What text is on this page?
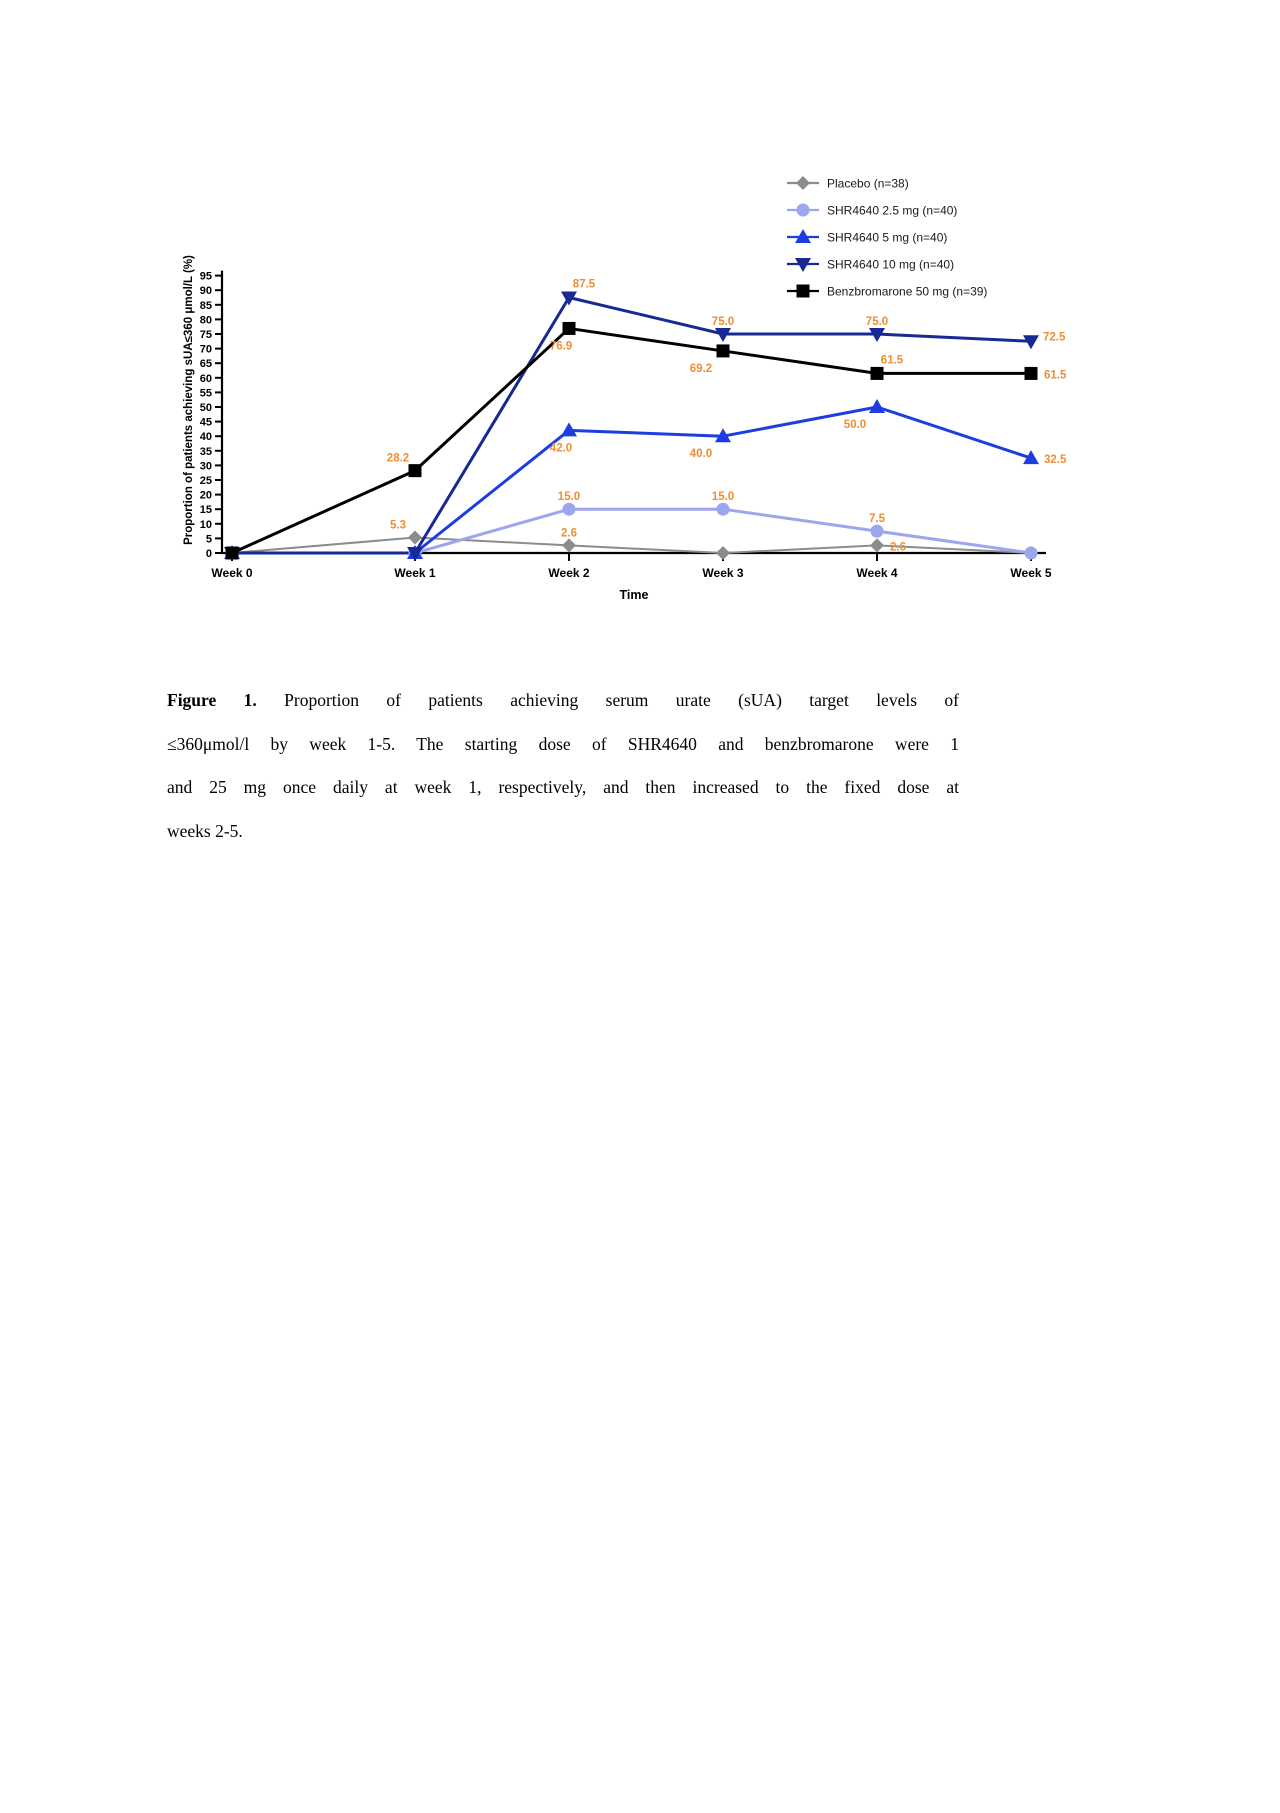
0
5
10
15
20
25
30
35
40
45
50
55
60
65
70
75
80
85
90
95
Week 0	Week 1	Week 2	Week 3	Week 4	Week 5
Proportion of patients achieving sUA≤360 μmol/L (%)
Time
5.3
2.6
2.6
15.0	15.0
7.5
42.0	40.0
50.0
32.5
87.5
75.0	75.0
72.5
28.2
76.9
69.2
61.5
61.5
Placebo (n=38)
SHR4640 2.5 mg (n=40)
SHR4640 5 mg (n=40)
SHR4640 10 mg (n=40)
Benzbromarone 50 mg (n=39)
Figure 1. Proportion of patients achieving serum urate (sUA) target levels of
≤360μmol/l by week 1-5. The starting dose of SHR4640 and benzbromarone were 1
and 25 mg once daily at week 1, respectively, and then increased to the fixed dose at
weeks 2-5.
